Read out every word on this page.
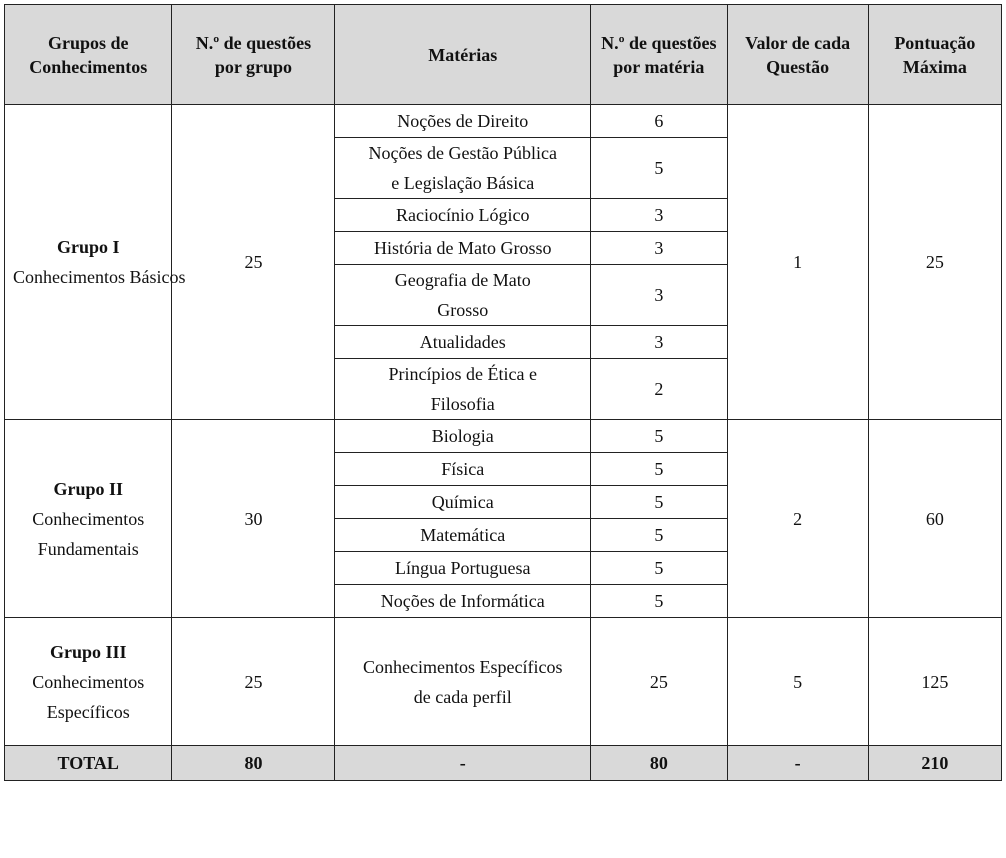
Grupos de Conhecimentos	N.º de questões por grupo	Matérias	N.º de questões por matéria	Valor de cada Questão	Pontuação Máxima

Grupo I
Conhecimentos Básicos	25	Noções de Direito	6	1	25
		Noções de Gestão Pública e Legislação Básica	5		
		Raciocínio Lógico	3		
		História de Mato Grosso	3		
		Geografia de Mato Grosso	3		
		Atualidades	3		
		Princípios de Ética e Filosofia	2		

Grupo II
Conhecimentos Fundamentais	30	Biologia	5	2	60
		Física	5		
		Química	5		
		Matemática	5		
		Língua Portuguesa	5		
		Noções de Informática	5		

Grupo III
Conhecimentos Específicos	25	Conhecimentos Específicos de cada perfil	25	5	125
TOTAL	80	-	80	-	210
